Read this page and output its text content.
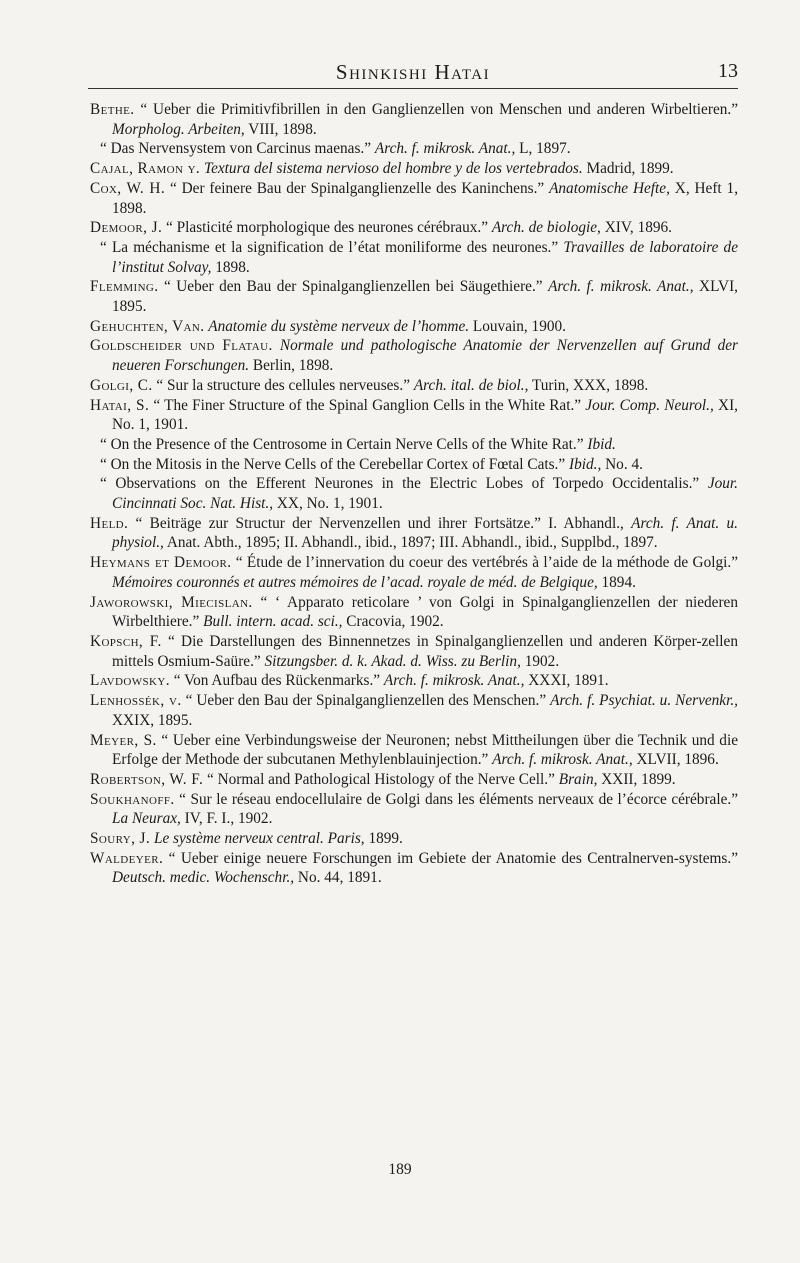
Shinkishi Hatai	13

Bethe. “ Ueber die Primitivfibrillen in den Ganglienzellen von Menschen und anderen Wirbeltieren.” Morpholog. Arbeiten, VIII, 1898.

“ Das Nervensystem von Carcinus maenas.” Arch. f. mikrosk. Anat., L, 1897.

Cajal, Ramon y. Textura del sistema nervioso del hombre y de los vertebrados. Madrid, 1899.

Cox, W. H. “ Der feinere Bau der Spinalganglienzelle des Kaninchens.” Anatomische Hefte, X, Heft 1, 1898.

Demoor, J. “ Plasticité morphologique des neurones cérébraux.” Arch. de biologie, XIV, 1896.

“ La méchanisme et la signification de l’état moniliforme des neurones.” Travailles de laboratoire de l’institut Solvay, 1898.

Flemming. “ Ueber den Bau der Spinalganglienzellen bei Säugethiere.” Arch. f. mikrosk. Anat., XLVI, 1895.

Gehuchten, Van. Anatomie du système nerveux de l’homme. Louvain, 1900.

Goldscheider und Flatau. Normale und pathologische Anatomie der Nervenzellen auf Grund der neueren Forschungen. Berlin, 1898.

Golgi, C. “ Sur la structure des cellules nerveuses.” Arch. ital. de biol., Turin, XXX, 1898.

Hatai, S. “ The Finer Structure of the Spinal Ganglion Cells in the White Rat.” Jour. Comp. Neurol., XI, No. 1, 1901.

“ On the Presence of the Centrosome in Certain Nerve Cells of the White Rat.” Ibid.

“ On the Mitosis in the Nerve Cells of the Cerebellar Cortex of Fœtal Cats.” Ibid., No. 4.

“ Observations on the Efferent Neurones in the Electric Lobes of Torpedo Occidentalis.” Jour. Cincinnati Soc. Nat. Hist., XX, No. 1, 1901.

Held. “ Beiträge zur Structur der Nervenzellen und ihrer Fortsätze.” I. Abhandl., Arch. f. Anat. u. physiol., Anat. Abth., 1895; II. Abhandl., ibid., 1897; III. Abhandl., ibid., Supplbd., 1897.

Heymans et Demoor. “ Étude de l’innervation du coeur des vertébrés à l’aide de la méthode de Golgi.” Mémoires couronnés et autres mémoires de l’acad. royale de méd. de Belgique, 1894.

Jaworowski, Miecislan. “ ‘ Apparato reticolare ’ von Golgi in Spinalganglienzellen der niederen Wirbelthiere.” Bull. intern. acad. sci., Cracovia, 1902.

Kopsch, F. “ Die Darstellungen des Binnennetzes in Spinalganglienzellen und anderen Körper-zellen mittels Osmium-Saüre.” Sitzungsber. d. k. Akad. d. Wiss. zu Berlin, 1902.

Lavdowsky. “ Von Aufbau des Rückenmarks.” Arch. f. mikrosk. Anat., XXXI, 1891.

Lenhossék, v. “ Ueber den Bau der Spinalganglienzellen des Menschen.” Arch. f. Psychiat. u. Nervenkr., XXIX, 1895.

Meyer, S. “ Ueber eine Verbindungsweise der Neuronen; nebst Mittheilungen über die Technik und die Erfolge der Methode der subcutanen Methylenblauinjection.” Arch. f. mikrosk. Anat., XLVII, 1896.

Robertson, W. F. “ Normal and Pathological Histology of the Nerve Cell.” Brain, XXII, 1899.

Soukhanoff. “ Sur le réseau endocellulaire de Golgi dans les éléments nerveaux de l’écorce cérébrale.” La Neurax, IV, F. I., 1902.

Soury, J. Le système nerveux central. Paris, 1899.

Waldeyer. “ Ueber einige neuere Forschungen im Gebiete der Anatomie des Centralnerven-systems.” Deutsch. medic. Wochenschr., No. 44, 1891.

189
